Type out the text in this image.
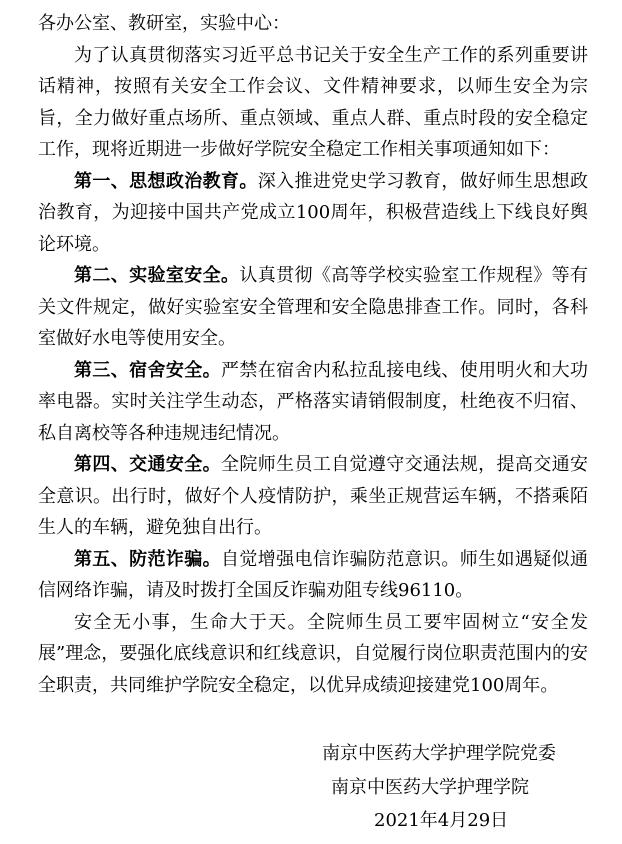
各办公室、教研室，实验中心：

为了认真贯彻落实习近平总书记关于安全生产工作的系列重要讲话精神，按照有关安全工作会议、文件精神要求，以师生安全为宗旨，全力做好重点场所、重点领域、重点人群、重点时段的安全稳定工作，现将近期进一步做好学院安全稳定工作相关事项通知如下：

第一、思想政治教育。深入推进党史学习教育，做好师生思想政治教育，为迎接中国共产党成立100周年，积极营造线上下线良好舆论环境。

第二、实验室安全。认真贯彻《高等学校实验室工作规程》等有关文件规定，做好实验室安全管理和安全隐患排查工作。同时，各科室做好水电等使用安全。

第三、宿舍安全。严禁在宿舍内私拉乱接电线、使用明火和大功率电器。实时关注学生动态，严格落实请销假制度，杜绝夜不归宿、私自离校等各种违规违纪情况。

第四、交通安全。全院师生员工自觉遵守交通法规，提高交通安全意识。出行时，做好个人疫情防护，乘坐正规营运车辆，不搭乘陌生人的车辆，避免独自出行。

第五、防范诈骗。自觉增强电信诈骗防范意识。师生如遇疑似通信网络诈骗，请及时拨打全国反诈骗劝阻专线96110。

安全无小事，生命大于天。全院师生员工要牢固树立“安全发展”理念，要强化底线意识和红线意识，自觉履行岗位职责范围内的安全职责，共同维护学院安全稳定，以优异成绩迎接建党100周年。

南京中医药大学护理学院党委
南京中医药大学护理学院
2021年4月29日
